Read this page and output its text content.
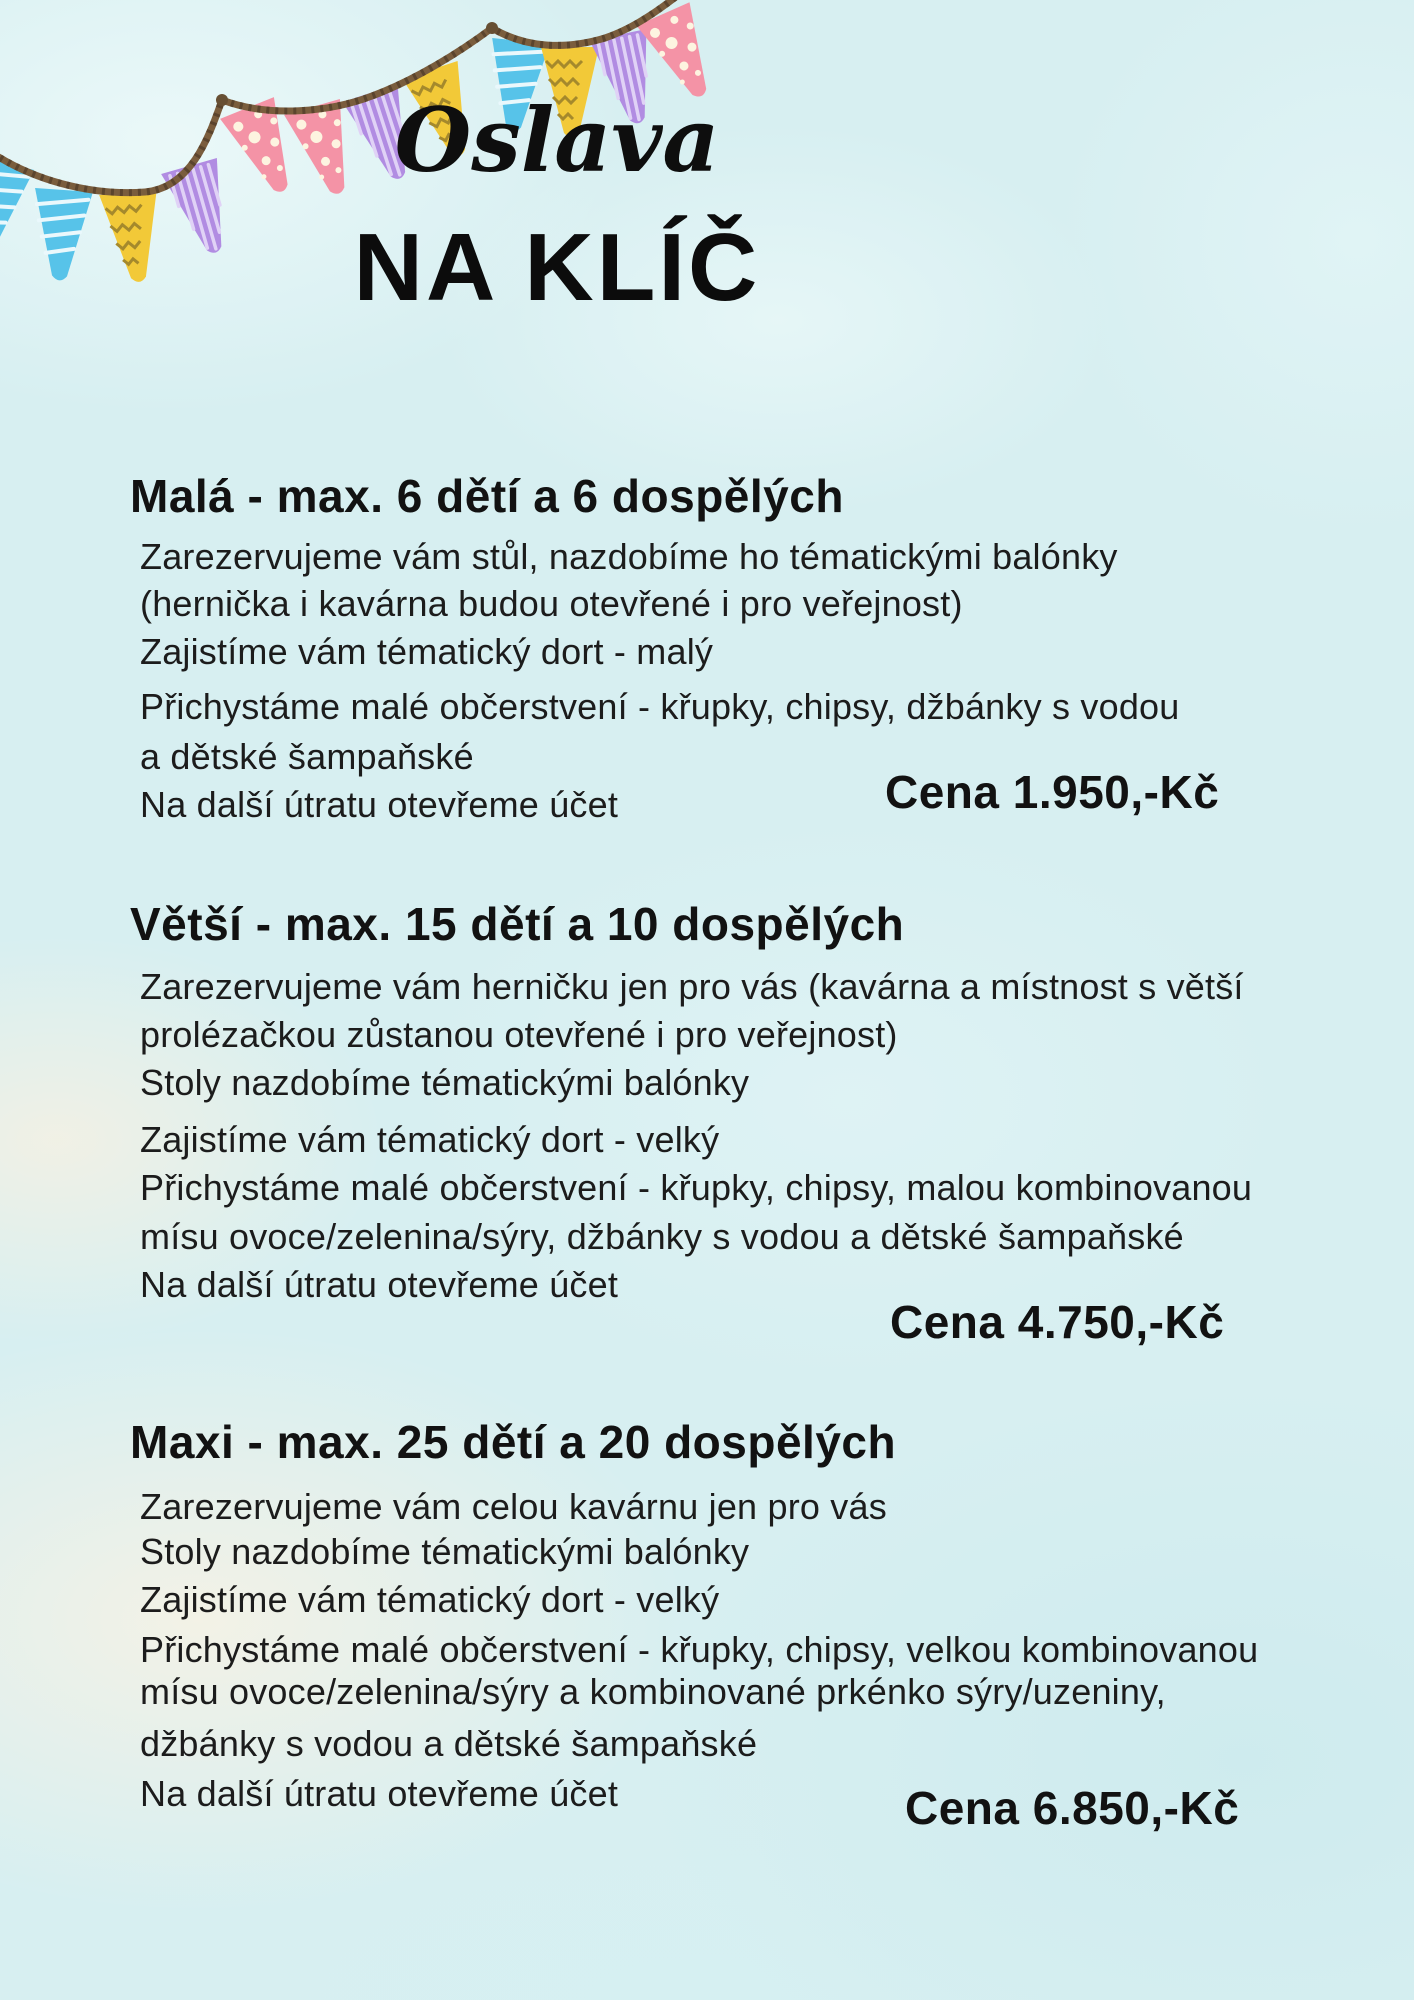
Oslava
NA KLÍČ
Malá - max. 6 dětí a 6 dospělých
Zarezervujeme vám stůl, nazdobíme ho tématickými balónky
(hernička i kavárna budou otevřené i pro veřejnost)
Zajistíme vám tématický dort - malý
Přichystáme malé občerstvení - křupky, chipsy, džbánky s vodou
a dětské šampaňské
Na další útratu otevřeme účet	Cena 1.950,-Kč
Větší - max. 15 dětí a 10 dospělých
Zarezervujeme vám herničku jen pro vás (kavárna a místnost s větší
prolézačkou zůstanou otevřené i pro veřejnost)
Stoly nazdobíme tématickými balónky
Zajistíme vám tématický dort - velký
Přichystáme malé občerstvení - křupky, chipsy, malou kombinovanou
mísu ovoce/zelenina/sýry, džbánky s vodou a dětské šampaňské
Na další útratu otevřeme účet
Cena 4.750,-Kč
Maxi - max. 25 dětí a 20 dospělých
Zarezervujeme vám celou kavárnu jen pro vás
Stoly nazdobíme tématickými balónky
Zajistíme vám tématický dort - velký
Přichystáme malé občerstvení - křupky, chipsy, velkou kombinovanou
mísu ovoce/zelenina/sýry a kombinované prkénko sýry/uzeniny,
džbánky s vodou a dětské šampaňské
Na další útratu otevřeme účet	Cena 6.850,-Kč
